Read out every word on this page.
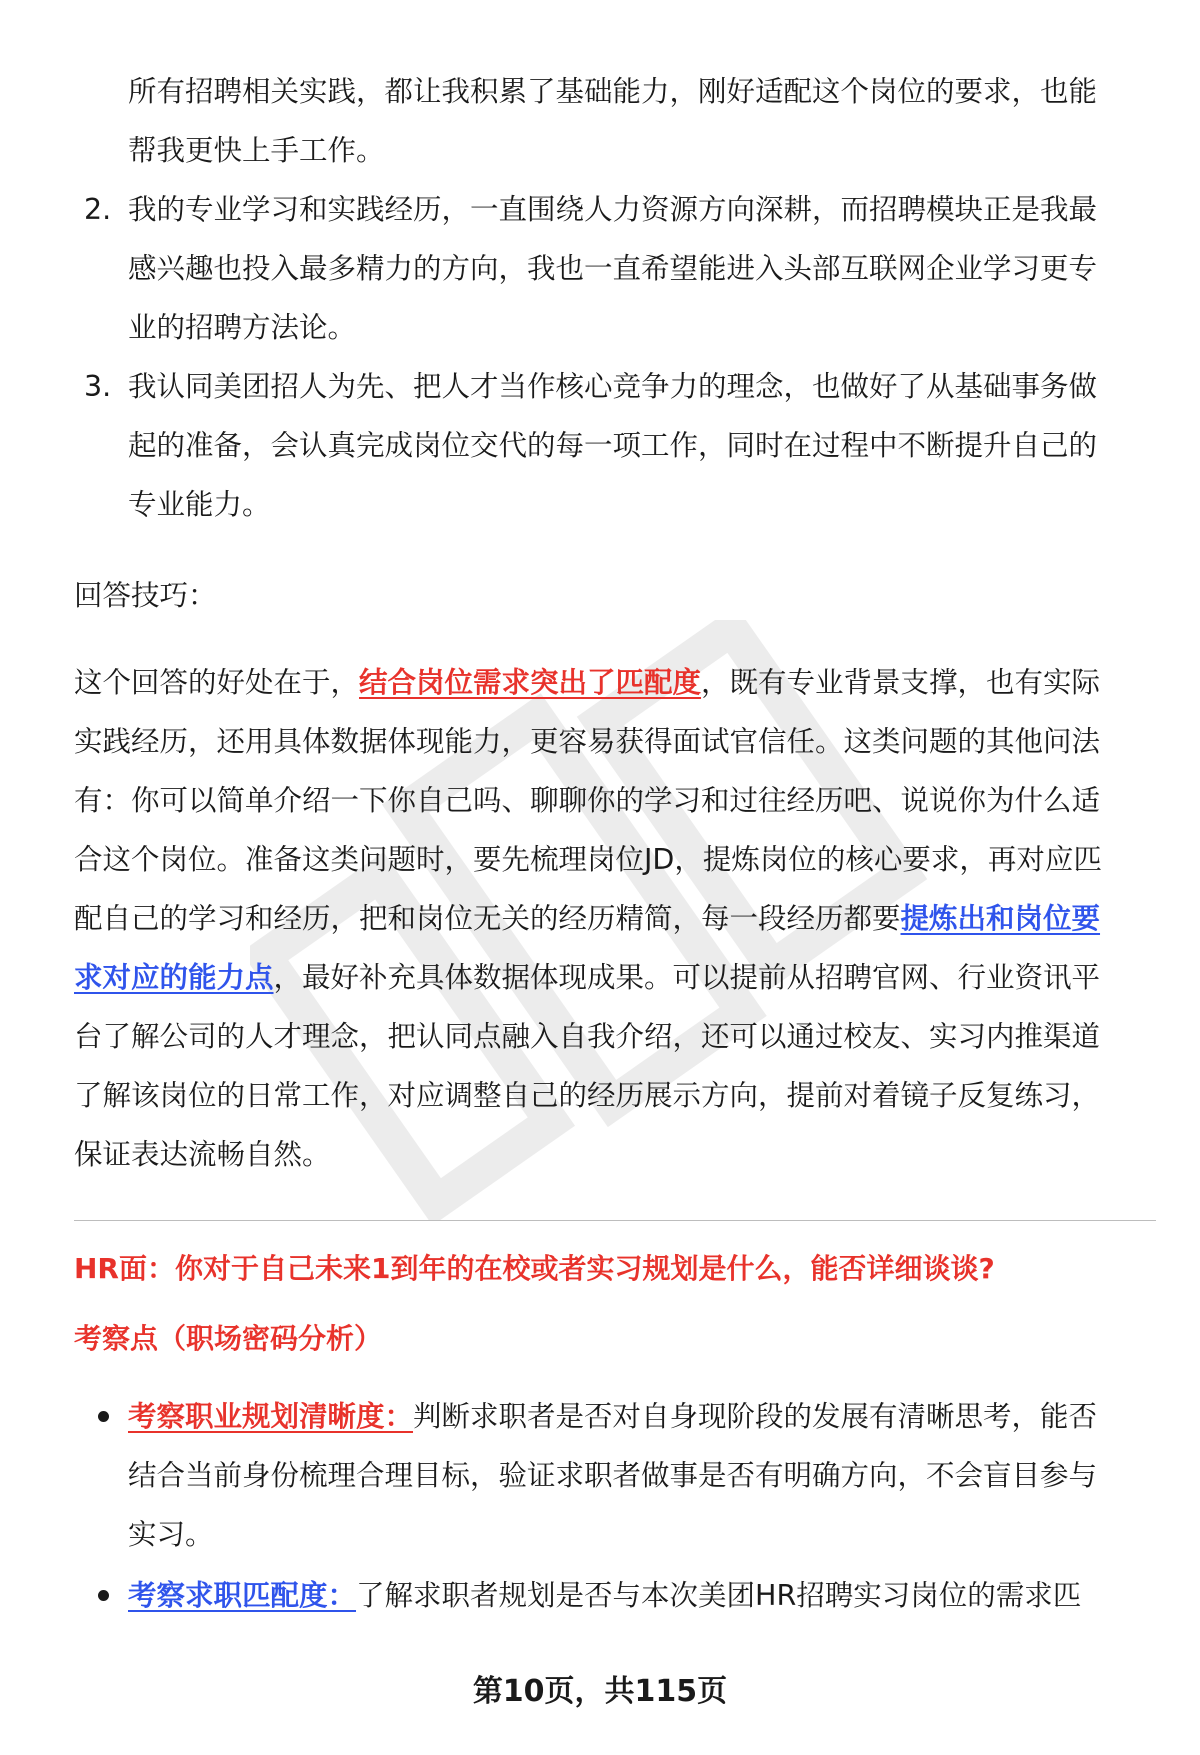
所有招聘相关实践，都让我积累了基础能力，刚好适配这个岗位的要求，也能
帮我更快上手工作。
2. 我的专业学习和实践经历，一直围绕人力资源方向深耕，而招聘模块正是我最
感兴趣也投入最多精力的方向，我也一直希望能进入头部互联网企业学习更专
业的招聘方法论。
3. 我认同美团招人为先、把人才当作核心竞争力的理念，也做好了从基础事务做
起的准备，会认真完成岗位交代的每一项工作，同时在过程中不断提升自己的
专业能力。

回答技巧：

这个回答的好处在于，结合岗位需求突出了匹配度，既有专业背景支撑，也有实际
实践经历，还用具体数据体现能力，更容易获得面试官信任。这类问题的其他问法
有：你可以简单介绍一下你自己吗、聊聊你的学习和过往经历吧、说说你为什么适
合这个岗位。准备这类问题时，要先梳理岗位JD，提炼岗位的核心要求，再对应匹
配自己的学习和经历，把和岗位无关的经历精简，每一段经历都要提炼出和岗位要
求对应的能力点，最好补充具体数据体现成果。可以提前从招聘官网、行业资讯平
台了解公司的人才理念，把认同点融入自我介绍，还可以通过校友、实习内推渠道
了解该岗位的日常工作，对应调整自己的经历展示方向，提前对着镜子反复练习，
保证表达流畅自然。
HR面：你对于自己未来1到年的在校或者实习规划是什么，能否详细谈谈?
考察点（职场密码分析）
考察职业规划清晰度：判断求职者是否对自身现阶段的发展有清晰思考，能否
结合当前身份梳理合理目标，验证求职者做事是否有明确方向，不会盲目参与
实习。
考察求职匹配度：了解求职者规划是否与本次美团HR招聘实习岗位的需求匹
第10页，共115页
